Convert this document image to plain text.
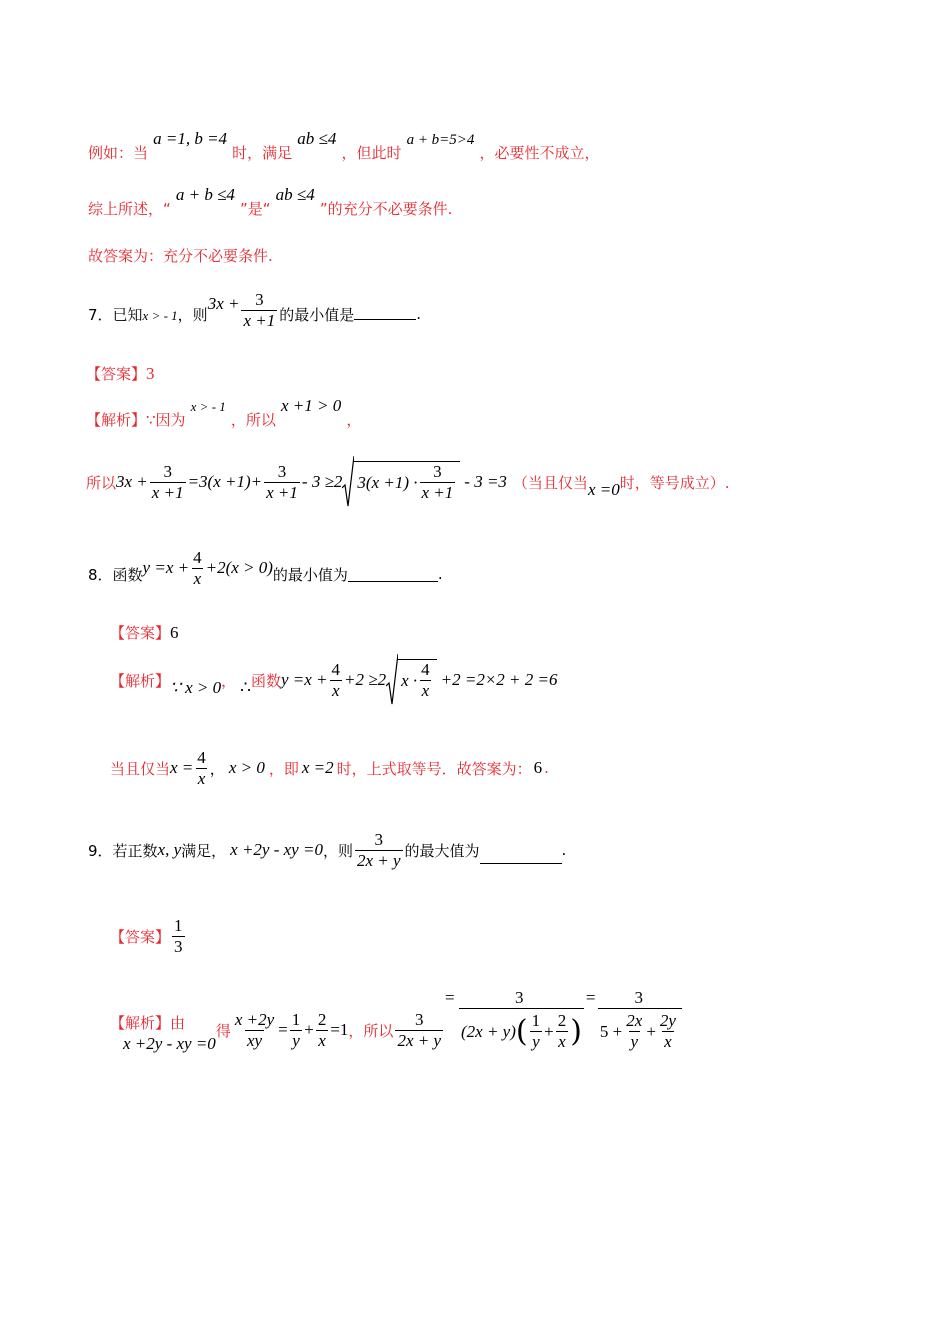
例如：当 a =1, b =4 时，满足 ab ≤4 ，但此时 a + b=5>4 ，必要性不成立，
综上所述，“ a + b ≤4 ”是“ ab ≤4 ”的充分不必要条件.
故答案为：充分不必要条件.
7．已知 x > - 1 ，则
$3x + \frac{3}{x +1}$ 的最小值是	.
【答案】3
【解析】∵因为 x > - 1 ，所以 x +1 > 0 ，
所以 $3x + \frac{3}{x +1} =3(x +1)+ \frac{3}{x +1} - 3 \ge 2$ $3(x +1) \cdot \frac{3}{x +1} - 3 =3$ （当且仅当 x =0 时，等号成立）.
8．函数 $y =x + \frac{4}{x} +2(x > 0)$ 的最小值为	.
【答案】6
【解析】 ∵ x > 0 ， ∴ 函数 $y =x + \frac{4}{x} +2 \ge 2$ $x \cdot \frac{4}{x} +2 =2\times 2 + 2 =6$
当且仅当 $x = \frac{4}{x}$ ， x > 0 ，即 x =2 时，上式取等号．故答案为： 6 .
9．若正数 x, y 满足， x +2y - xy =0 ，则 $\frac{3}{2x + y}$ 的最大值为	.
【答案】 $\frac{1}{3}$
【解析】由
x +2y - xy =0
得 $\frac{x +2y}{xy} = \frac{1}{y} + \frac{2}{x} =1$ ，所以 $\frac{3}{2x + y}$
=	3
(2x + y) ( $\frac{1}{y} + \frac{2}{x}$ )
=	3
$5 + \frac{2x}{y} + \frac{2y}{x}$
